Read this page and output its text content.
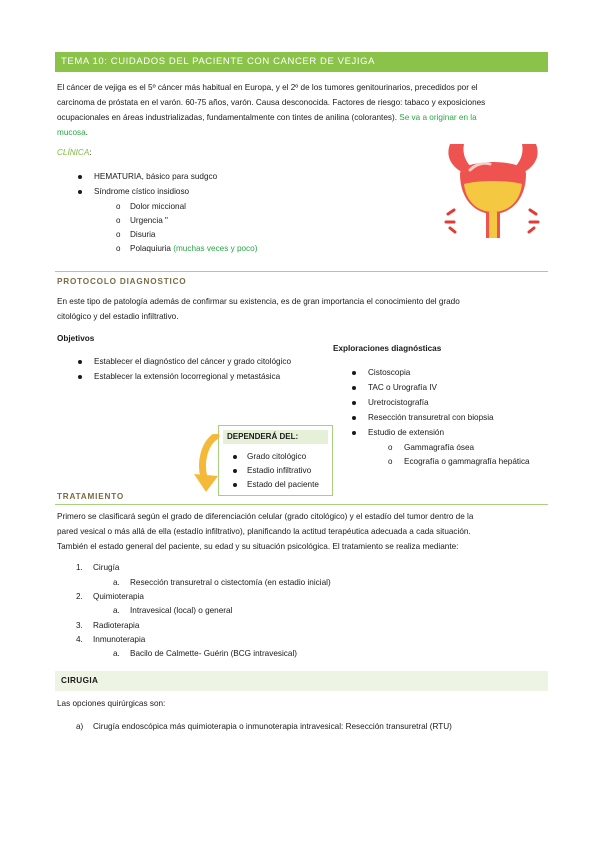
TEMA 10: CUIDADOS DEL PACIENTE CON CANCER DE VEJIGA
El cáncer de vejiga es el 5º cáncer más habitual en Europa, y el 2º de los tumores genitourinarios, precedidos por el
carcinoma de próstata en el varón. 60-75 años, varón. Causa desconocida. Factores de riesgo: tabaco y exposiciones
ocupacionales en áreas industrializadas, fundamentalmente con tintes de anilina (colorantes). Se va a originar en la
mucosa.
CLÍNICA:
HEMATURIA, básico para sudgco
Síndrome cístico insidioso
o Dolor miccional
o Urgencia "
o Disuria
o Polaquiuria (muchas veces y poco)
PROTOCOLO DIAGNOSTICO
En este tipo de patología además de confirmar su existencia, es de gran importancia el conocimiento del grado
citológico y del estadio infiltrativo.
Objetivos
Establecer el diagnóstico del cáncer y grado citológico
Establecer la extensión locorregional y metastásica
Exploraciones diagnósticas
Cistoscopia
TAC o Urografía IV
Uretrocistografía
Resección transuretral con biopsia
Estudio de extensión
o Gammagrafía ósea
o Ecografía o gammagrafía hepática
DEPENDERÁ DEL:
Grado citológico
Estadio infiltrativo
Estado del paciente
TRATAMIENTO
Primero se clasificará según el grado de diferenciación celular (grado citológico) y el estadío del tumor dentro de la
pared vesical o más allá de ella (estadío infiltrativo), planificando la actitud terapéutica adecuada a cada situación.
También el estado general del paciente, su edad y su situación psicológica. El tratamiento se realiza mediante:
1. Cirugía
a. Resección transuretral o cistectomía (en estadio inicial)
2. Quimioterapia
a. Intravesical (local) o general
3. Radioterapia
4. Inmunoterapia
a. Bacilo de Calmette- Guérin (BCG intravesical)
CIRUGIA
Las opciones quirúrgicas son:
a) Cirugía endoscópica más quimioterapia o inmunoterapia intravesical: Resección transuretral (RTU)
